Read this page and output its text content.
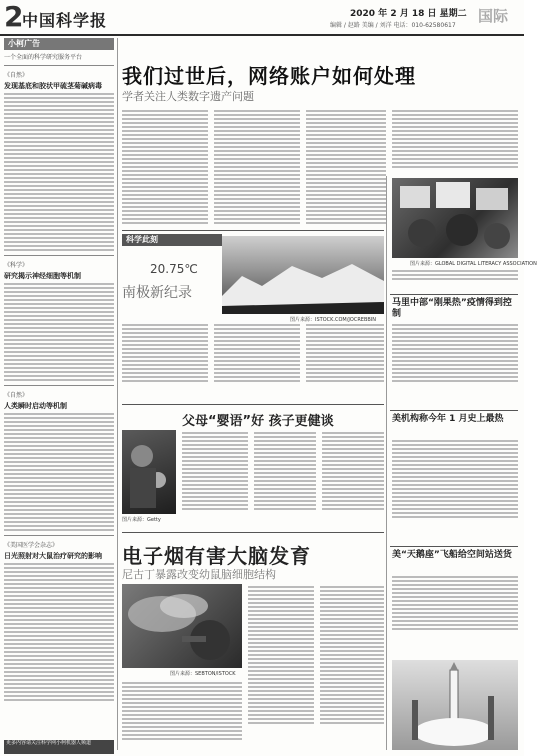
2
中国科学报	2020 年 2 月 18 日 星期二
编辑 / 赵路 美编 / 刘洋 电话：010-62580617
国际
小柯广告
一个全面的科学研究服务平台
《自然》
发现基底和胶状甲硫茎菊碱病毒
《科学》
研究揭示神经细胞等机制
《自然》
人类瞬时启动等机制
《美国医学会杂志》
日光照射对大鼠治疗研究的影响
更多内容请关注科学网小柯机器人频道
我们过世后，网络账户如何处理
学者关注人类数字遗产问题
图片来源：GLOBAL DIGITAL LITERACY ASSOCIATION
科学此刻
20.75℃
南极新纪录
图片来源：ISTOCK.COM/JOCREBBIN
父母“婴语”好 孩子更健谈
图片来源：Getty
电子烟有害大脑发育
尼古丁暴露改变幼鼠脑细胞结构
图片来源：SEBTON/ISTOCK
马里中部“刚果热”疫情得到控制
美机构称今年 1 月史上最热
美“天鹅座”飞船给空间站送货
